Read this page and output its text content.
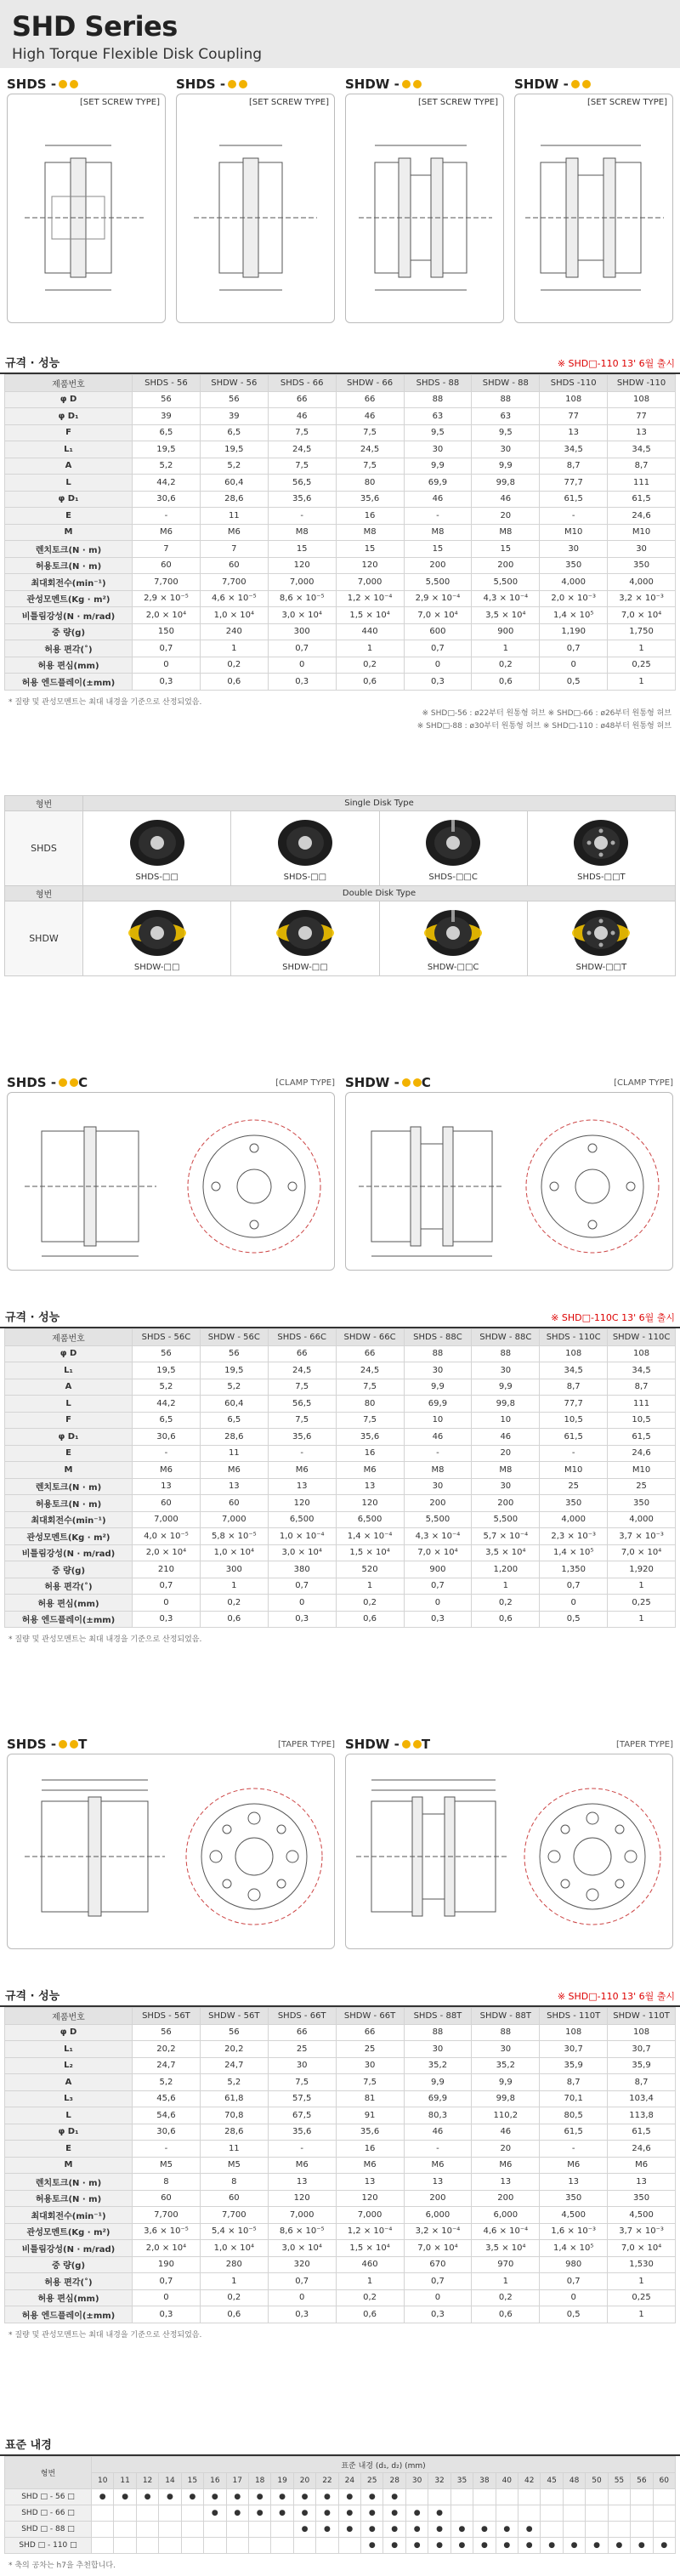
SHD Series
High Torque Flexible Disk Coupling
SHDS -
[SET SCREW TYPE]
SHDS -
[SET SCREW TYPE]
SHDW -
[SET SCREW TYPE]
SHDW -
[SET SCREW TYPE]
규격 · 성능	※ SHD□-110 13' 6월 출시
제품번호	SHDS - 56	SHDW - 56	SHDS - 66	SHDW - 66	SHDS - 88	SHDW - 88	SHDS -110	SHDW -110
φ D	56	56	66	66	88	88	108	108
φ D₁	39	39	46	46	63	63	77	77
F	6,5	6,5	7,5	7,5	9,5	9,5	13	13
L₁	19,5	19,5	24,5	24,5	30	30	34,5	34,5
A	5,2	5,2	7,5	7,5	9,9	9,9	8,7	8,7
L	44,2	60,4	56,5	80	69,9	99,8	77,7	111
φ D₁	30,6	28,6	35,6	35,6	46	46	61,5	61,5
E	-	11	-	16	-	20	-	24,6
M	M6	M6	M8	M8	M8	M8	M10	M10
렌치토크(N · m)	7	7	15	15	15	15	30	30
허용토크(N · m)	60	60	120	120	200	200	350	350
최대회전수(min⁻¹)	7,700	7,700	7,000	7,000	5,500	5,500	4,000	4,000
관성모멘트(Kg · m²)	2,9 × 10⁻⁵	4,6 × 10⁻⁵	8,6 × 10⁻⁵	1,2 × 10⁻⁴	2,9 × 10⁻⁴	4,3 × 10⁻⁴	2,0 × 10⁻³	3,2 × 10⁻³
비틀림강성(N · m/rad)	2,0 × 10⁴	1,0 × 10⁴	3,0 × 10⁴	1,5 × 10⁴	7,0 × 10⁴	3,5 × 10⁴	1,4 × 10⁵	7,0 × 10⁴
중 량(g)	150	240	300	440	600	900	1,190	1,750
허용 편각(˚)	0,7	1	0,7	1	0,7	1	0,7	1
허용 편심(mm)	0	0,2	0	0,2	0	0,2	0	0,25
허용 엔드플레이(±mm)	0,3	0,6	0,3	0,6	0,3	0,6	0,5	1
* 질량 및 관성모멘트는 최대 내경을 기준으로 산정되었음.
※ SHD□-56 : ø22부터 원통형 허브 ※ SHD□-66 : ø26부터 원통형 허브
※ SHD□-88 : ø30부터 원통형 허브 ※ SHD□-110 : ø48부터 원통형 허브
형번	Single Disk Type			
SHDS	SHDS-□□	SHDS-□□	SHDS-□□C	SHDS-□□T

형번	Double Disk Type			
SHDW	SHDW-□□	SHDW-□□	SHDW-□□C	SHDW-□□T
SHDS - C	[CLAMP TYPE] SHDW - C	[CLAMP TYPE]
규격 · 성능	※ SHD□-110C 13' 6월 출시
제품번호	SHDS - 56C	SHDW - 56C	SHDS - 66C	SHDW - 66C	SHDS - 88C	SHDW - 88C	SHDS - 110C	SHDW - 110C
φ D	56	56	66	66	88	88	108	108
L₁	19,5	19,5	24,5	24,5	30	30	34,5	34,5
A	5,2	5,2	7,5	7,5	9,9	9,9	8,7	8,7
L	44,2	60,4	56,5	80	69,9	99,8	77,7	111
F	6,5	6,5	7,5	7,5	10	10	10,5	10,5
φ D₁	30,6	28,6	35,6	35,6	46	46	61,5	61,5
E	-	11	-	16	-	20	-	24,6
M	M6	M6	M6	M6	M8	M8	M10	M10
렌치토크(N · m)	13	13	13	13	30	30	25	25
허용토크(N · m)	60	60	120	120	200	200	350	350
최대회전수(min⁻¹)	7,000	7,000	6,500	6,500	5,500	5,500	4,000	4,000
관성모멘트(Kg · m²)	4,0 × 10⁻⁵	5,8 × 10⁻⁵	1,0 × 10⁻⁴	1,4 × 10⁻⁴	4,3 × 10⁻⁴	5,7 × 10⁻⁴	2,3 × 10⁻³	3,7 × 10⁻³
비틀림강성(N · m/rad)	2,0 × 10⁴	1,0 × 10⁴	3,0 × 10⁴	1,5 × 10⁴	7,0 × 10⁴	3,5 × 10⁴	1,4 × 10⁵	7,0 × 10⁴
중 량(g)	210	300	380	520	900	1,200	1,350	1,920
허용 편각(˚)	0,7	1	0,7	1	0,7	1	0,7	1
허용 편심(mm)	0	0,2	0	0,2	0	0,2	0	0,25
허용 엔드플레이(±mm)	0,3	0,6	0,3	0,6	0,3	0,6	0,5	1
* 질량 및 관성모멘트는 최대 내경을 기준으로 산정되었음.
SHDS - T	[TAPER TYPE] SHDW - T	[TAPER TYPE]
규격 · 성능	※ SHD□-110 13' 6월 출시
제품번호	SHDS - 56T	SHDW - 56T	SHDS - 66T	SHDW - 66T	SHDS - 88T	SHDW - 88T	SHDS - 110T	SHDW - 110T
φ D	56	56	66	66	88	88	108	108
L₁	20,2	20,2	25	25	30	30	30,7	30,7
L₂	24,7	24,7	30	30	35,2	35,2	35,9	35,9
A	5,2	5,2	7,5	7,5	9,9	9,9	8,7	8,7
L₃	45,6	61,8	57,5	81	69,9	99,8	70,1	103,4
L	54,6	70,8	67,5	91	80,3	110,2	80,5	113,8
φ D₁	30,6	28,6	35,6	35,6	46	46	61,5	61,5
E	-	11	-	16	-	20	-	24,6
M	M5	M5	M6	M6	M6	M6	M6	M6
렌치토크(N · m)	8	8	13	13	13	13	13	13
허용토크(N · m)	60	60	120	120	200	200	350	350
최대회전수(min⁻¹)	7,700	7,700	7,000	7,000	6,000	6,000	4,500	4,500
관성모멘트(Kg · m²)	3,6 × 10⁻⁵	5,4 × 10⁻⁵	8,6 × 10⁻⁵	1,2 × 10⁻⁴	3,2 × 10⁻⁴	4,6 × 10⁻⁴	1,6 × 10⁻³	3,7 × 10⁻³
비틀림강성(N · m/rad)	2,0 × 10⁴	1,0 × 10⁴	3,0 × 10⁴	1,5 × 10⁴	7,0 × 10⁴	3,5 × 10⁴	1,4 × 10⁵	7,0 × 10⁴
중 량(g)	190	280	320	460	670	970	980	1,530
허용 편각(˚)	0,7	1	0,7	1	0,7	1	0,7	1
허용 편심(mm)	0	0,2	0	0,2	0	0,2	0	0,25
허용 엔드플레이(±mm)	0,3	0,6	0,3	0,6	0,3	0,6	0,5	1
* 질량 및 관성모멘트는 최대 내경을 기준으로 산정되었음.
표준 내경
형번	표준 내경 (d₁, d₂) (mm)																									
	10	11	12	14	15	16	17	18	19	20	22	24	25	28	30	32	35	38	40	42	45	48	50	55	56	60
SHD □ - 56 □	●	●	●	●	●	●	●	●	●	●	●	●	●	●												
SHD □ - 66 □						●	●	●	●	●	●	●	●	●	●	●										
SHD □ - 88 □										●	●	●	●	●	●	●	●	●	●	●						
SHD □ - 110 □													●	●	●	●	●	●	●	●	●	●	●	●	●	●
* 축의 공차는 h7을 추천합니다.
